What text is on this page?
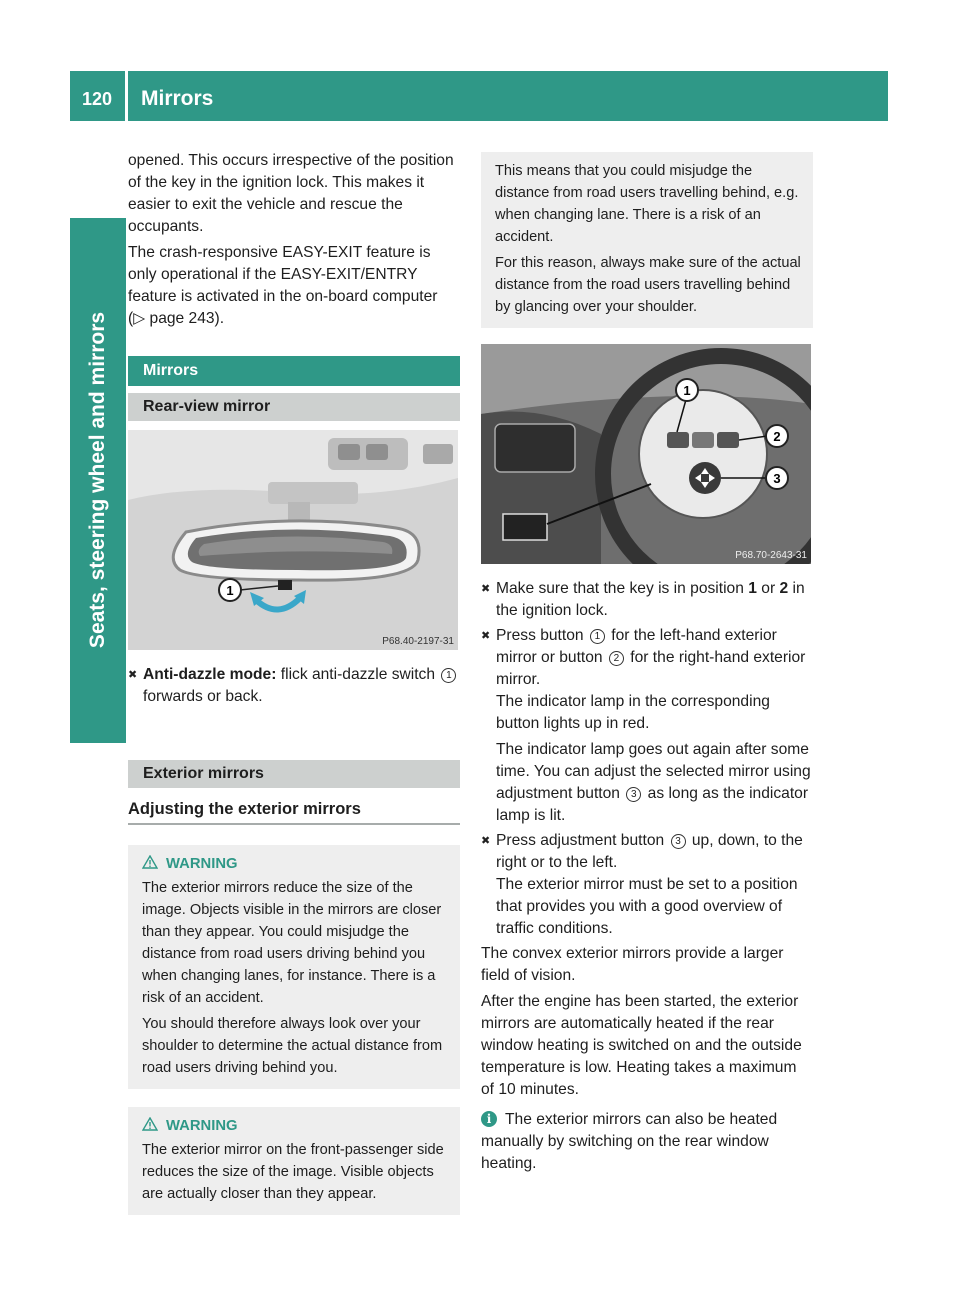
120 Mirrors
Seats, steering wheel and mirrors

opened. This occurs irrespective of the position of the key in the ignition lock. This makes it easier to exit the vehicle and rescue the occupants.

The crash-responsive EASY-EXIT feature is only operational if the EASY-EXIT/ENTRY feature is activated in the on-board computer
(▷ page 243).

Mirrors
Rear-view mirror
1
P68.40-2197-31
✖ Anti-dazzle mode: flick anti-dazzle switch 1 forwards or back.
Exterior mirrors
Adjusting the exterior mirrors

WARNING

The exterior mirrors reduce the size of the image. Objects visible in the mirrors are closer than they appear. You could misjudge the distance from road users driving behind you when changing lanes, for instance. There is a risk of an accident.

You should therefore always look over your shoulder to determine the actual distance from road users driving behind you.

WARNING

The exterior mirror on the front-passenger side reduces the size of the image. Visible objects are actually closer than they appear.

This means that you could misjudge the distance from road users travelling behind, e.g. when changing lane. There is a risk of an accident.

For this reason, always make sure of the actual distance from the road users travelling behind by glancing over your shoulder.

1
2
3
P68.70-2643-31
✖ Make sure that the key is in position 1 or 2 in the ignition lock.
✖ Press button 1 for the left-hand exterior mirror or button 2 for the right-hand exterior mirror.
The indicator lamp in the corresponding button lights up in red.
The indicator lamp goes out again after some time. You can adjust the selected mirror using adjustment button 3 as long as the indicator lamp is lit.
✖ Press adjustment button 3 up, down, to the right or to the left.
The exterior mirror must be set to a position that provides you with a good overview of traffic conditions.

The convex exterior mirrors provide a larger field of vision.

After the engine has been started, the exterior mirrors are automatically heated if the rear window heating is switched on and the outside temperature is low. Heating takes a maximum of 10 minutes.

i The exterior mirrors can also be heated manually by switching on the rear window heating.
